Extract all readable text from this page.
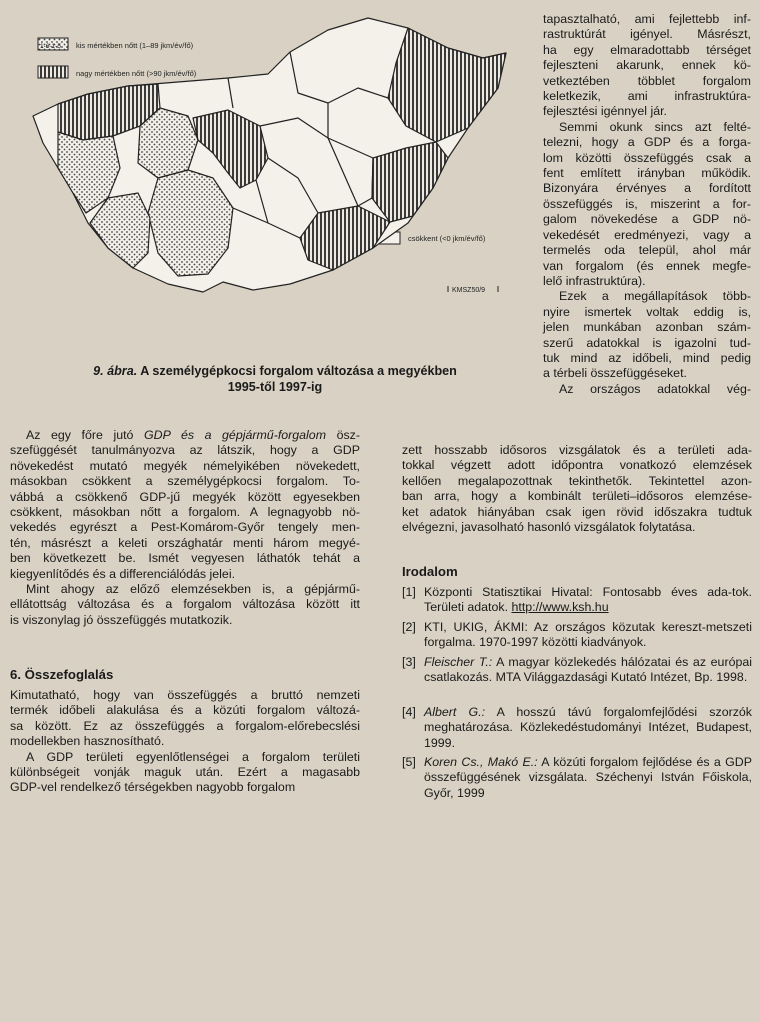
1-6-1-5 kis mértékben nőtt (1–89 jkm/év/fő)
nagy mértékben nőtt (>90 jkm/év/fő)
csökkent (<0 jkm/év/fő)
KMSZ50/9
9. ábra. A személygépkocsi forgalom változása a megyékben
1995-től 1997-ig
tapasztalható, ami fejlettebb inf-
rastruktúrát igényel. Másrészt,
ha egy elmaradottabb térséget
fejleszteni akarunk, ennek kö-
vetkeztében többlet forgalom
keletkezik, ami infrastruktúra-
fejlesztési igénnyel jár.
Semmi okunk sincs azt felté-
telezni, hogy a GDP és a forga-
lom közötti összefüggés csak a
fent említett irányban működik.
Bizonyára érvényes a fordított
összefüggés is, miszerint a for-
galom növekedése a GDP nö-
vekedését eredményezi, vagy a
termelés oda települ, ahol már
van forgalom (és ennek megfe-
lelő infrastruktúra).
Ezek a megállapítások több-
nyire ismertek voltak eddig is,
jelen munkában azonban szám-
szerű adatokkal is igazolni tud-
tuk mind az időbeli, mind pedig
a térbeli összefüggéseket.
Az országos adatokkal vég-
zett hosszabb idősoros vizsgálatok és a területi ada-
tokkal végzett adott időpontra vonatkozó elemzések
kellően megalapozottnak tekinthetők. Tekintettel azon-
ban arra, hogy a kombinált területi–idősoros elemzése-
ket adatok hiányában csak igen rövid időszakra tudtuk
elvégezni, javasolható hasonló vizsgálatok folytatása.
Az egy főre jutó GDP és a gépjármű-forgalom ösz-
szefüggését tanulmányozva az látszik, hogy a GDP
növekedést mutató megyék némelyikében növekedett,
másokban csökkent a személygépkocsi forgalom. To-
vábbá a csökkenő GDP-jű megyék között egyesekben
csökkent, másokban nőtt a forgalom. A legnagyobb nö-
vekedés egyrészt a Pest-Komárom-Győr tengely men-
tén, másrészt a keleti országhatár menti három megyé-
ben következett be. Ismét vegyesen láthatók tehát a
kiegyenlítődés és a differenciálódás jelei.
Mint ahogy az előző elemzésekben is, a gépjármű-
ellátottság változása és a forgalom változása között itt
is viszonylag jó összefüggés mutatkozik.
6. Összefoglalás
Kimutatható, hogy van összefüggés a bruttó nemzeti
termék időbeli alakulása és a közúti forgalom változá-
sa között. Ez az összefüggés a forgalom-előrebecslési
modellekben hasznosítható.
A GDP területi egyenlőtlenségei a forgalom területi
különbségeit vonják maguk után. Ezért a magasabb
GDP-vel rendelkező térségekben nagyobb forgalom
Irodalom
[1] Központi Statisztikai Hivatal: Fontosabb éves ada-tok. Területi adatok. http://www.ksh.hu
[2] KTI, UKIG, ÁKMI: Az országos közutak kereszt-metszeti forgalma. 1970-1997 közötti kiadványok.
[3] Fleischer T.: A magyar közlekedés hálózatai és az európai csatlakozás. MTA Világgazdasági Kutató Intézet, Bp. 1998.
[4] Albert G.: A hosszú távú forgalomfejlődési szorzók meghatározása. Közlekedéstudományi Intézet, Budapest, 1999.
[5] Koren Cs., Makó E.: A közúti forgalom fejlődése és a GDP összefüggésének vizsgálata. Széchenyi István Főiskola, Győr, 1999
